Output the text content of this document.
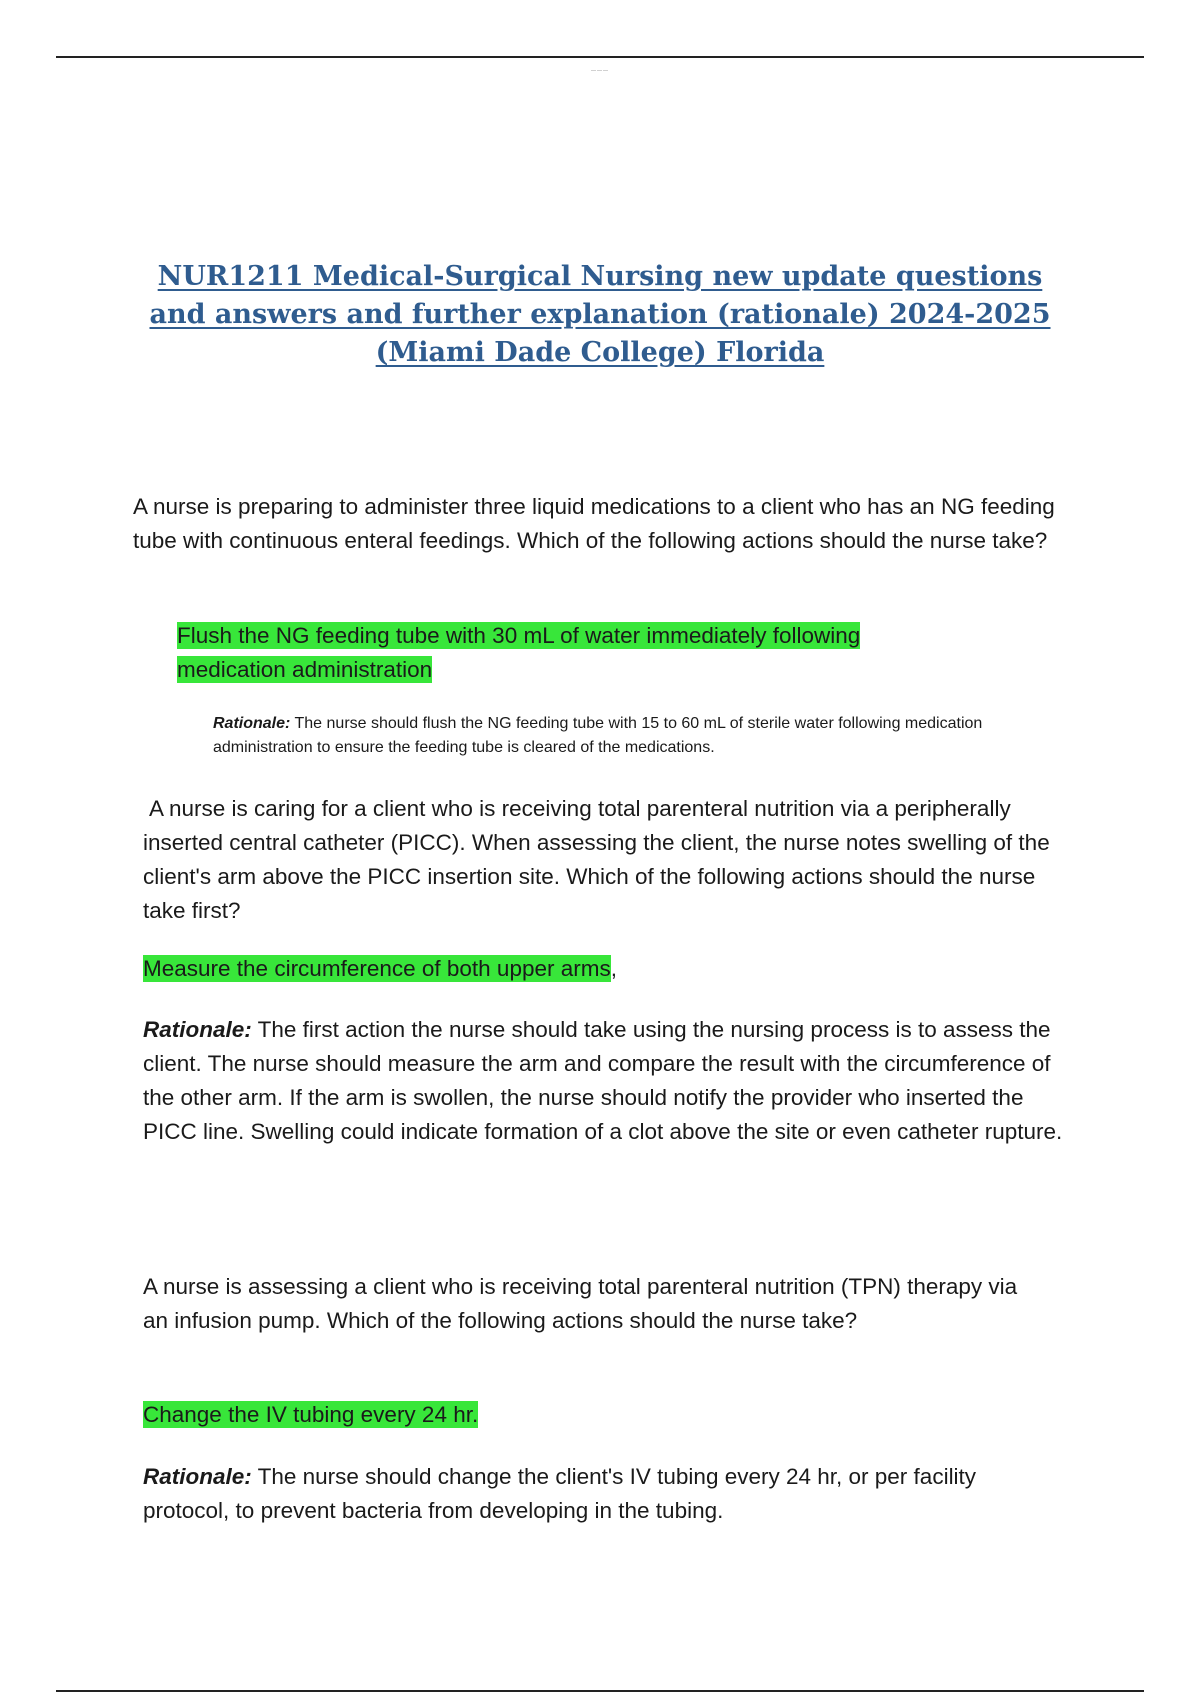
———
NUR1211 Medical-Surgical Nursing new update questions and answers and further explanation (rationale) 2024-2025 (Miami Dade College) Florida
A nurse is preparing to administer three liquid medications to a client who has an NG feeding tube with continuous enteral feedings. Which of the following actions should the nurse take?
Flush the NG feeding tube with 30 mL of water immediately following medication administration
Rationale: The nurse should flush the NG feeding tube with 15 to 60 mL of sterile water following medication administration to ensure the feeding tube is cleared of the medications.
A nurse is caring for a client who is receiving total parenteral nutrition via a peripherally inserted central catheter (PICC). When assessing the client, the nurse notes swelling of the client's arm above the PICC insertion site. Which of the following actions should the nurse take first?
Measure the circumference of both upper arms,
Rationale: The first action the nurse should take using the nursing process is to assess the client. The nurse should measure the arm and compare the result with the circumference of the other arm. If the arm is swollen, the nurse should notify the provider who inserted the PICC line. Swelling could indicate formation of a clot above the site or even catheter rupture.
A nurse is assessing a client who is receiving total parenteral nutrition (TPN) therapy via an infusion pump. Which of the following actions should the nurse take?
Change the IV tubing every 24 hr.
Rationale: The nurse should change the client's IV tubing every 24 hr, or per facility protocol, to prevent bacteria from developing in the tubing.
